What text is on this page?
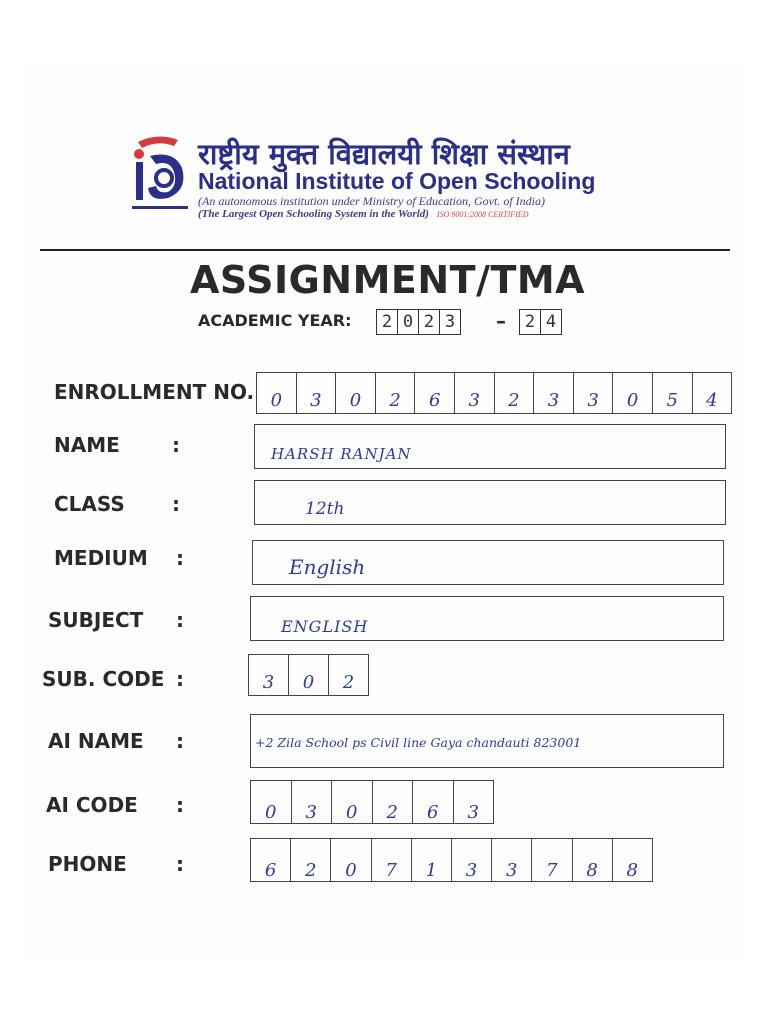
राष्ट्रीय मुक्त विद्यालयी शिक्षा संस्थान
National Institute of Open Schooling
(An autonomous institution under Ministry of Education, Govt. of India)
(The Largest Open Schooling System in the World) ISO 9001:2008 CERTIFIED
ASSIGNMENT/TMA
ACADEMIC YEAR: 2 0 2 3 – 2 4
ENROLLMENT NO. 0	3	0	2	6	3	2	3	3	0	5	4
NAME	:	HARSH RANJAN
CLASS :	12th
MEDIUM :	English
SUBJECT :	ENGLISH
SUB. CODE :	3	0	2
AI NAME :	+2 Zila School ps Civil line Gaya chandauti 823001
AI CODE :	0	3	0	2	6	3
PHONE :	6	2	0	7	1	3	3	7	8	8
